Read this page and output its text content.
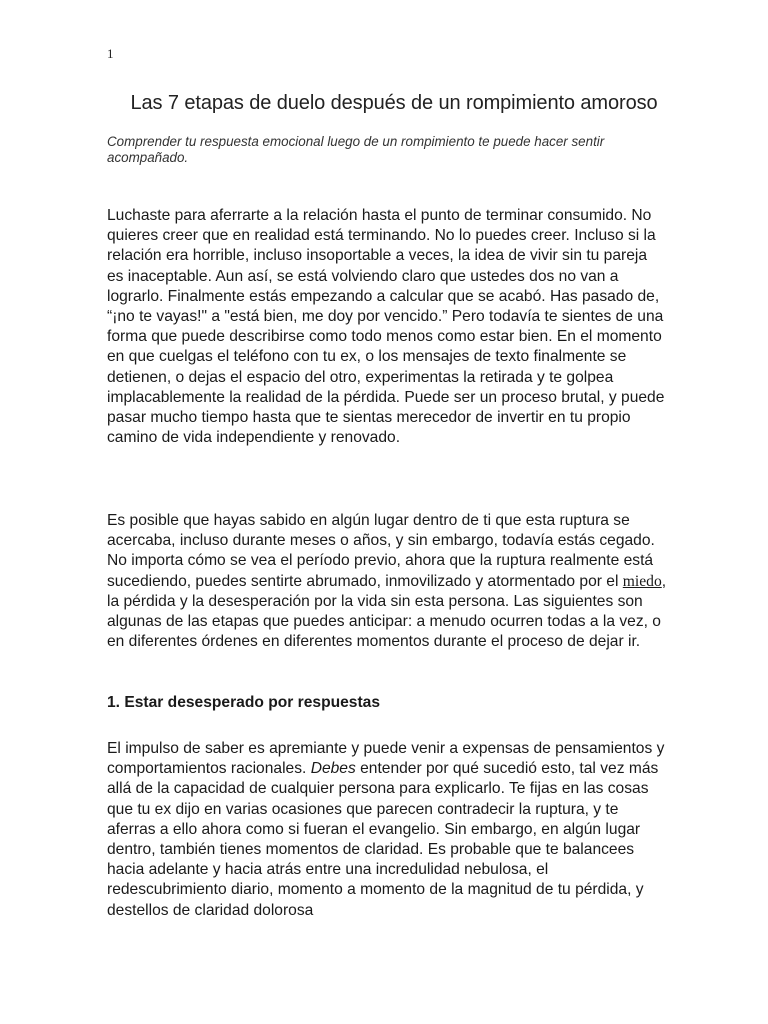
1
Las 7 etapas de duelo después de un rompimiento amoroso

Comprender tu respuesta emocional luego de un rompimiento te puede hacer sentir acompañado.

Luchaste para aferrarte a la relación hasta el punto de terminar consumido. No quieres creer que en realidad está terminando. No lo puedes creer. Incluso si la relación era horrible, incluso insoportable a veces, la idea de vivir sin tu pareja es inaceptable. Aun así, se está volviendo claro que ustedes dos no van a lograrlo. Finalmente estás empezando a calcular que se acabó. Has pasado de, “¡no te vayas!" a "está bien, me doy por vencido.” Pero todavía te sientes de una forma que puede describirse como todo menos como estar bien. En el momento en que cuelgas el teléfono con tu ex, o los mensajes de texto finalmente se detienen, o dejas el espacio del otro, experimentas la retirada y te golpea implacablemente la realidad de la pérdida. Puede ser un proceso brutal, y puede pasar mucho tiempo hasta que te sientas merecedor de invertir en tu propio camino de vida independiente y renovado.

Es posible que hayas sabido en algún lugar dentro de ti que esta ruptura se acercaba, incluso durante meses o años, y sin embargo, todavía estás cegado. No importa cómo se vea el período previo, ahora que la ruptura realmente está sucediendo, puedes sentirte abrumado, inmovilizado y atormentado por el miedo, la pérdida y la desesperación por la vida sin esta persona. Las siguientes son algunas de las etapas que puedes anticipar: a menudo ocurren todas a la vez, o en diferentes órdenes en diferentes momentos durante el proceso de dejar ir.

1. Estar desesperado por respuestas

El impulso de saber es apremiante y puede venir a expensas de pensamientos y comportamientos racionales. Debes entender por qué sucedió esto, tal vez más allá de la capacidad de cualquier persona para explicarlo. Te fijas en las cosas que tu ex dijo en varias ocasiones que parecen contradecir la ruptura, y te aferras a ello ahora como si fueran el evangelio. Sin embargo, en algún lugar dentro, también tienes momentos de claridad. Es probable que te balancees hacia adelante y hacia atrás entre una incredulidad nebulosa, el redescubrimiento diario, momento a momento de la magnitud de tu pérdida, y destellos de claridad dolorosa
